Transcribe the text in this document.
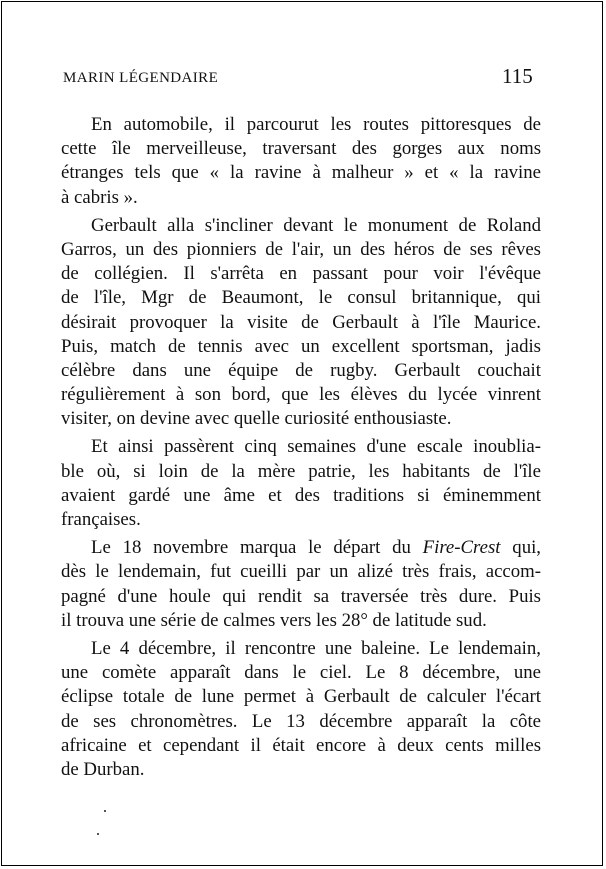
MARIN LÉGENDAIRE	115
En automobile, il parcourut les routes pittoresques de
cette île merveilleuse, traversant des gorges aux noms
étranges tels que « la ravine à malheur » et « la ravine
à cabris ».
Gerbault alla s'incliner devant le monument de Roland
Garros, un des pionniers de l'air, un des héros de ses rêves
de collégien. Il s'arrêta en passant pour voir l'évêque
de l'île, Mgr de Beaumont, le consul britannique, qui
désirait provoquer la visite de Gerbault à l'île Maurice.
Puis, match de tennis avec un excellent sportsman, jadis
célèbre dans une équipe de rugby. Gerbault couchait
régulièrement à son bord, que les élèves du lycée vinrent
visiter, on devine avec quelle curiosité enthousiaste.
Et ainsi passèrent cinq semaines d'une escale inoublia-
ble où, si loin de la mère patrie, les habitants de l'île
avaient gardé une âme et des traditions si éminemment
françaises.
Le 18 novembre marqua le départ du Fire-Crest qui,
dès le lendemain, fut cueilli par un alizé très frais, accom-
pagné d'une houle qui rendit sa traversée très dure. Puis
il trouva une série de calmes vers les 28° de latitude sud.
Le 4 décembre, il rencontre une baleine. Le lendemain,
une comète apparaît dans le ciel. Le 8 décembre, une
éclipse totale de lune permet à Gerbault de calculer l'écart
de ses chronomètres. Le 13 décembre apparaît la côte
africaine et cependant il était encore à deux cents milles
de Durban.
